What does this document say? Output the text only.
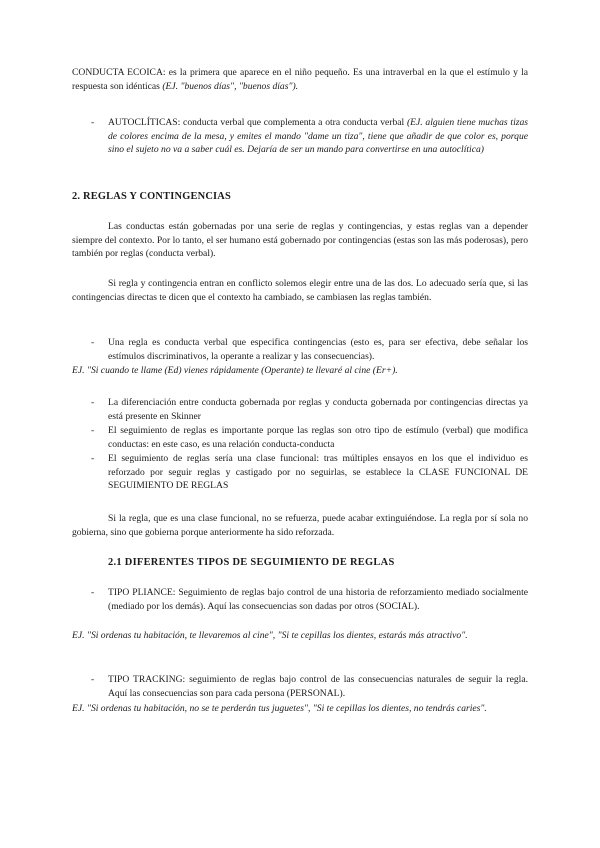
CONDUCTA ECOICA: es la primera que aparece en el niño pequeño. Es una intraverbal en la que el estímulo y la respuesta son idénticas (EJ. "buenos días", "buenos días").

- AUTOCLÍTICAS: conducta verbal que complementa a otra conducta verbal (EJ. alguien tiene muchas tizas de colores encima de la mesa, y emites el mando "dame un tiza", tiene que añadir de que color es, porque sino el sujeto no va a saber cuál es. Dejaría de ser un mando para convertirse en una autoclítica)

2. REGLAS Y CONTINGENCIAS

Las conductas están gobernadas por una serie de reglas y contingencias, y estas reglas van a depender siempre del contexto. Por lo tanto, el ser humano está gobernado por contingencias (estas son las más poderosas), pero también por reglas (conducta verbal).

Si regla y contingencia entran en conflicto solemos elegir entre una de las dos. Lo adecuado sería que, si las contingencias directas te dicen que el contexto ha cambiado, se cambiasen las reglas también.

- Una regla es conducta verbal que especifica contingencias (esto es, para ser efectiva, debe señalar los estímulos discriminativos, la operante a realizar y las consecuencias).

EJ. "Si cuando te llame (Ed) vienes rápidamente (Operante) te llevaré al cine (Er+).

- La diferenciación entre conducta gobernada por reglas y conducta gobernada por contingencias directas ya está presente en Skinner

- El seguimiento de reglas es importante porque las reglas son otro tipo de estímulo (verbal) que modifica conductas: en este caso, es una relación conducta-conducta

- El seguimiento de reglas sería una clase funcional: tras múltiples ensayos en los que el individuo es reforzado por seguir reglas y castigado por no seguirlas, se establece la CLASE FUNCIONAL DE SEGUIMIENTO DE REGLAS

Si la regla, que es una clase funcional, no se refuerza, puede acabar extinguiéndose. La regla por sí sola no gobierna, sino que gobierna porque anteriormente ha sido reforzada.

2.1 DIFERENTES TIPOS DE SEGUIMIENTO DE REGLAS
- TIPO PLIANCE: Seguimiento de reglas bajo control de una historia de reforzamiento mediado socialmente (mediado por los demás). Aquí las consecuencias son dadas por otros (SOCIAL).

EJ. "Si ordenas tu habitación, te llevaremos al cine", "Si te cepillas los dientes, estarás más atractivo".

- TIPO TRACKING: seguimiento de reglas bajo control de las consecuencias naturales de seguir la regla. Aquí las consecuencias son para cada persona (PERSONAL).

EJ. "Si ordenas tu habitación, no se te perderán tus juguetes", "Si te cepillas los dientes, no tendrás caries".
